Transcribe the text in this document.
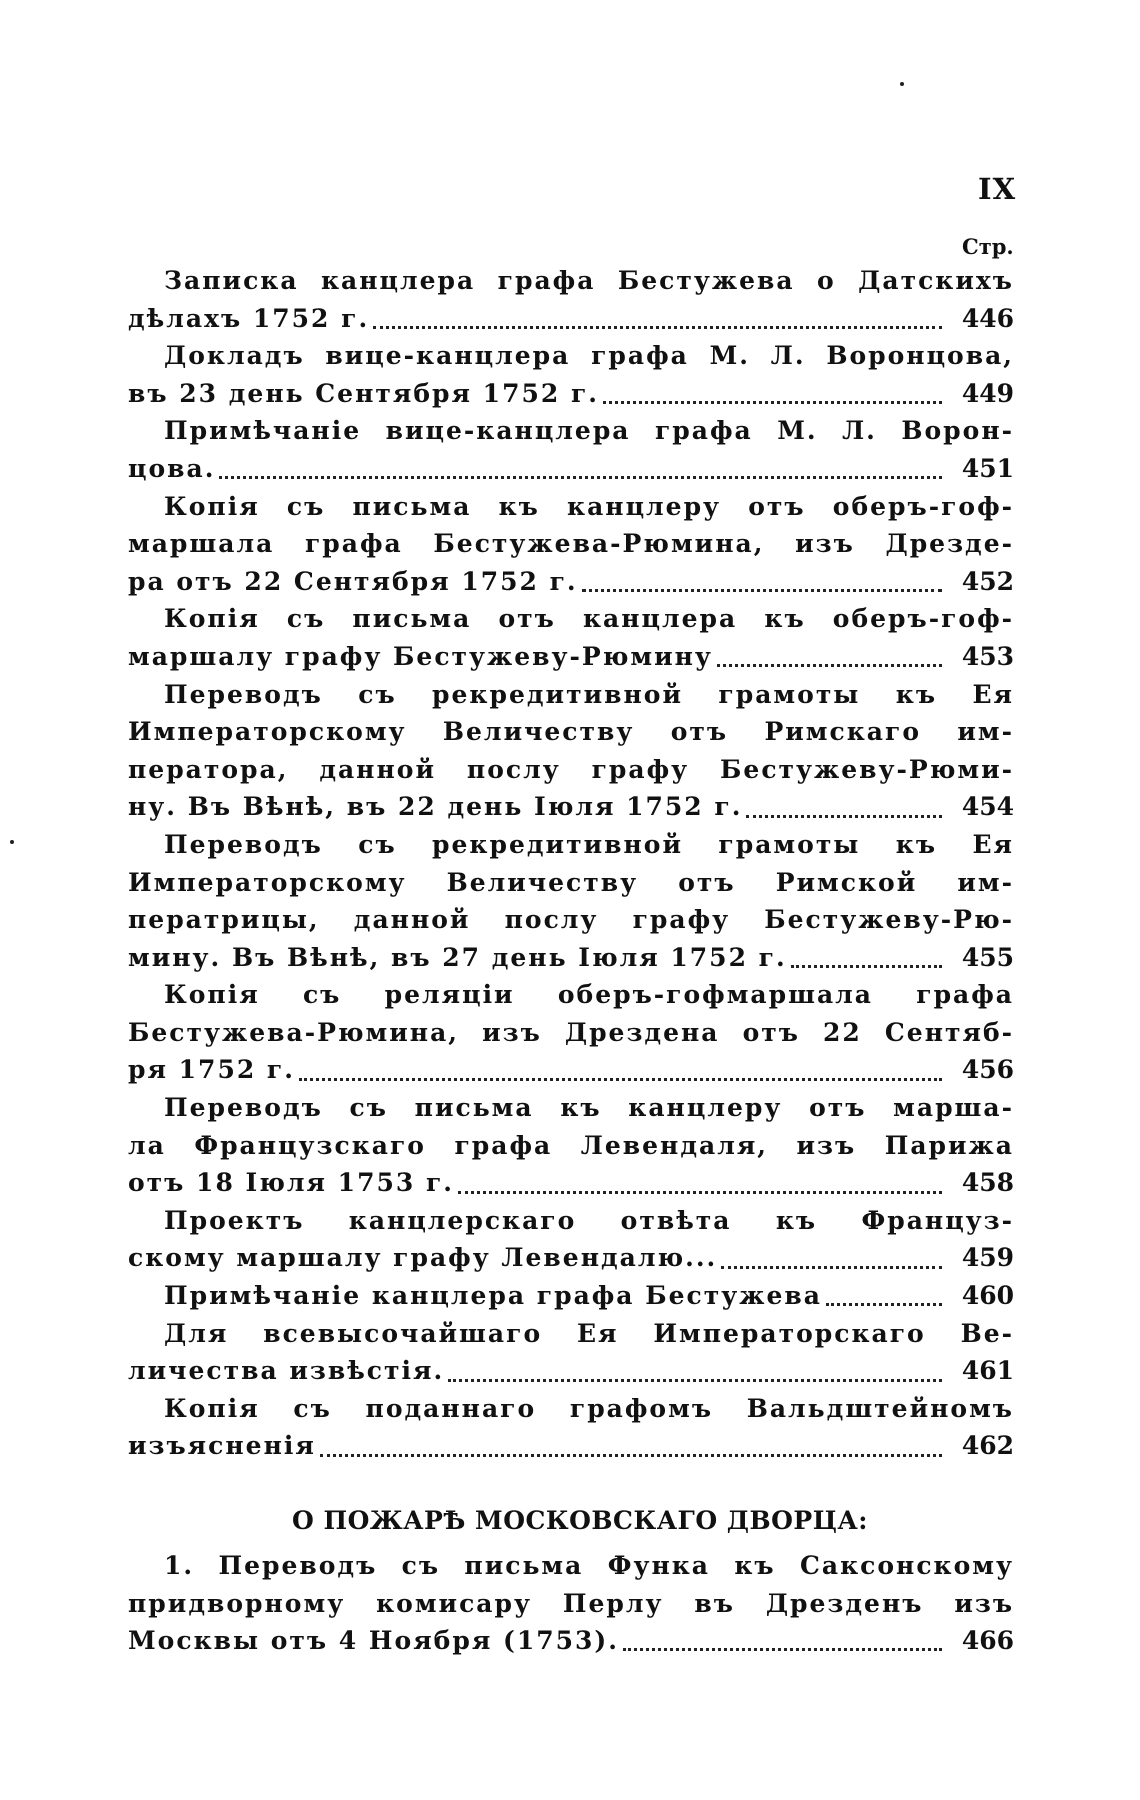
IX
Стр.
Записка канцлера графа Бестужева о Датскихъ
дѣлахъ 1752 г.	446
Докладъ вице-канцлера графа М. Л. Воронцова,
въ 23 день Сентября 1752 г.	449
Примѣчаніе вице-канцлера графа М. Л. Ворон-
цова.	451
Копія съ письма къ канцлеру отъ оберъ-гоф-
маршала графа Бестужева-Рюмина, изъ Дрезде-
ра отъ 22 Сентября 1752 г.	452
Копія съ письма отъ канцлера къ оберъ-гоф-
маршалу графу Бестужеву-Рюмину	453
Переводъ съ рекредитивной грамоты къ Ея
Императорскому Величеству отъ Римскаго им-
ператора, данной послу графу Бестужеву-Рюми-
ну. Въ Вѣнѣ, въ 22 день Іюля 1752 г.	454
Переводъ съ рекредитивной грамоты къ Ея
Императорскому Величеству отъ Римской им-
ператрицы, данной послу графу Бестужеву-Рю-
мину. Въ Вѣнѣ, въ 27 день Іюля 1752 г.	455
Копія съ реляціи оберъ-гофмаршала графа
Бестужева-Рюмина, изъ Дрездена отъ 22 Сентяб-
ря 1752 г.	456
Переводъ съ письма къ канцлеру отъ марша-
ла Французскаго графа Левендаля, изъ Парижа
отъ 18 Іюля 1753 г.	458
Проектъ канцлерскаго отвѣта къ Француз-
скому маршалу графу Левендалю...	459
Примѣчаніе канцлера графа Бестужева	460
Для всевысочайшаго Ея Императорскаго Ве-
личества извѣстія.	461
Копія съ поданнаго графомъ Вальдштейномъ
изъясненія	462
О ПОЖАРѢ МОСКОВСКАГО ДВОРЦА:
1. Переводъ съ письма Функа къ Саксонскому
придворному комисару Перлу въ Дрезденъ изъ
Москвы отъ 4 Ноября (1753).	466
